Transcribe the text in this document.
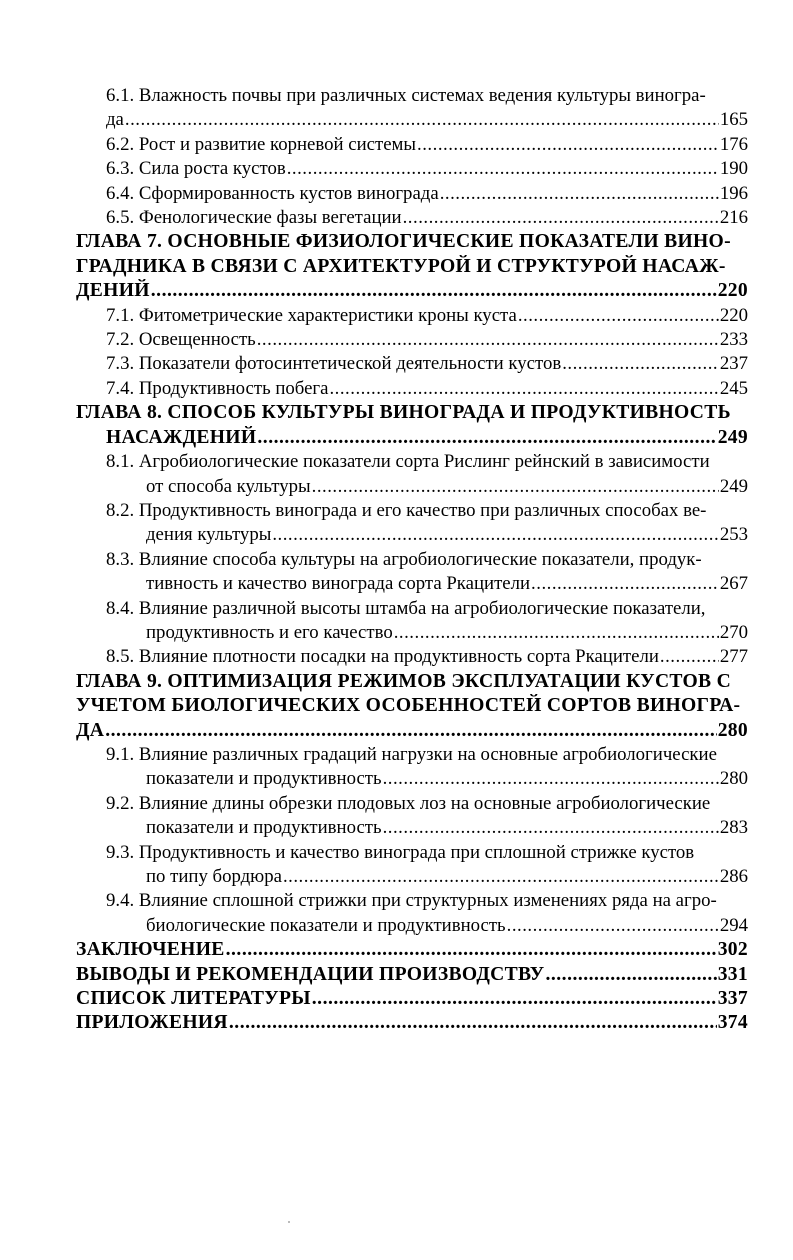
6.1. Влажность почвы при различных системах ведения культуры виногра-
да .....	165
6.2. Рост и развитие корневой системы .....	176
6.3. Сила роста кустов .....	190
6.4. Сформированность кустов винограда .....	196
6.5. Фенологические фазы вегетации .....	216
ГЛАВА 7. ОСНОВНЫЕ ФИЗИОЛОГИЧЕСКИЕ ПОКАЗАТЕЛИ ВИНО-
ГРАДНИКА В СВЯЗИ С АРХИТЕКТУРОЙ И СТРУКТУРОЙ НАСАЖ-
ДЕНИЙ .....	220
7.1. Фитометрические характеристики кроны куста .....	220
7.2. Освещенность .....	233
7.3. Показатели фотосинтетической деятельности кустов .....	237
7.4. Продуктивность побега .....	245
ГЛАВА 8. СПОСОБ КУЛЬТУРЫ ВИНОГРАДА И ПРОДУКТИВНОСТЬ
НАСАЖДЕНИЙ .....	249
8.1. Агробиологические показатели сорта Рислинг рейнский в зависимости
от способа культуры .....	249
8.2. Продуктивность винограда и его качество при различных способах ве-
дения культуры .....	253
8.3. Влияние способа культуры на агробиологические показатели, продук-
тивность и качество винограда сорта Ркацители .....	267
8.4. Влияние различной высоты штамба на агробиологические показатели,
продуктивность и его качество .....	270
8.5. Влияние плотности посадки на продуктивность сорта Ркацители .....	277
ГЛАВА 9. ОПТИМИЗАЦИЯ РЕЖИМОВ ЭКСПЛУАТАЦИИ КУСТОВ С
УЧЕТОМ БИОЛОГИЧЕСКИХ ОСОБЕННОСТЕЙ СОРТОВ ВИНОГРА-
ДА .....	280
9.1. Влияние различных градаций нагрузки на основные агробиологические
показатели и продуктивность .....	280
9.2. Влияние длины обрезки плодовых лоз на основные агробиологические
показатели и продуктивность .....	283
9.3. Продуктивность и качество винограда при сплошной стрижке кустов
по типу бордюра .....	286
9.4. Влияние сплошной стрижки при структурных изменениях ряда на агро-
биологические показатели и продуктивность .....	294
ЗАКЛЮЧЕНИЕ .....	302
ВЫВОДЫ И РЕКОМЕНДАЦИИ ПРОИЗВОДСТВУ .....	331
СПИСОК ЛИТЕРАТУРЫ .....	337
ПРИЛОЖЕНИЯ .....	374
